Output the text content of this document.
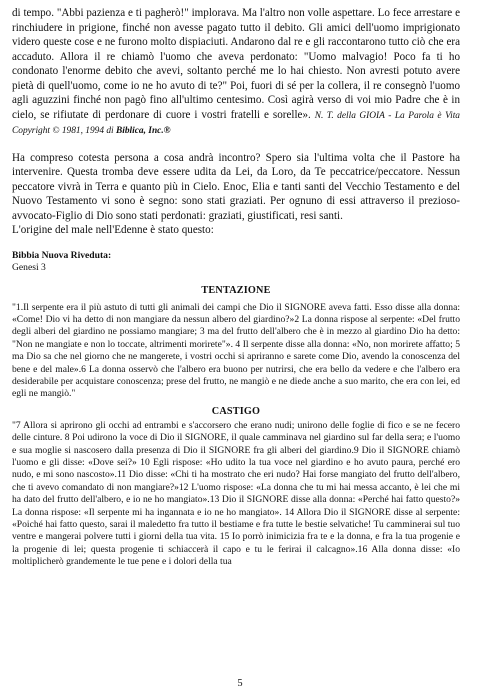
di tempo. "Abbi pazienza e ti pagherò!" implorava. Ma l'altro non volle aspettare. Lo fece arrestare e rinchiudere in prigione, finché non avesse pagato tutto il debito. Gli amici dell'uomo imprigionato videro queste cose e ne furono molto dispiaciuti. Andarono dal re e gli raccontarono tutto ciò che era accaduto. Allora il re chiamò l'uomo che aveva perdonato: "Uomo malvagio! Poco fa ti ho condonato l'enorme debito che avevi, soltanto perché me lo hai chiesto. Non avresti potuto avere pietà di quell'uomo, come io ne ho avuto di te?" Poi, fuori di sé per la collera, il re consegnò l'uomo agli aguzzini finché non pagò fino all'ultimo centesimo. Così agirà verso di voi mio Padre che è in cielo, se rifiutate di perdonare di cuore i vostri fratelli e sorelle». N. T. della GIOIA - La Parola è Vita Copyright © 1981, 1994 di Biblica, Inc.®

Ha compreso cotesta persona a cosa andrà incontro? Spero sia l'ultima volta che il Pastore ha intervenire. Questa tromba deve essere udita da Lei, da Loro, da Te peccatrice/peccatore. Nessun peccatore vivrà in Terra e quanto più in Cielo. Enoc, Elia e tanti santi del Vecchio Testamento e del Nuovo Testamento vi sono è segno: sono stati graziati. Per ognuno di essi attraverso il prezioso-avvocato-Figlio di Dio sono stati perdonati: graziati, giustificati, resi santi.

L'origine del male nell'Edenne è stato questo:

Bibbia Nuova Riveduta:
Genesi 3
TENTAZIONE

"1.Il serpente era il più astuto di tutti gli animali dei campi che Dio il SIGNORE aveva fatti. Esso disse alla donna: «Come! Dio vi ha detto di non mangiare da nessun albero del giardino?»2 La donna rispose al serpente: «Del frutto degli alberi del giardino ne possiamo mangiare; 3 ma del frutto dell'albero che è in mezzo al giardino Dio ha detto: "Non ne mangiate e non lo toccate, altrimenti morirete"». 4 Il serpente disse alla donna: «No, non morirete affatto; 5 ma Dio sa che nel giorno che ne mangerete, i vostri occhi si apriranno e sarete come Dio, avendo la conoscenza del bene e del male».6 La donna osservò che l'albero era buono per nutrirsi, che era bello da vedere e che l'albero era desiderabile per acquistare conoscenza; prese del frutto, ne mangiò e ne diede anche a suo marito, che era con lei, ed egli ne mangiò."

CASTIGO

"7 Allora si aprirono gli occhi ad entrambi e s'accorsero che erano nudi; unirono delle foglie di fico e se ne fecero delle cinture. 8 Poi udirono la voce di Dio il SIGNORE, il quale camminava nel giardino sul far della sera; e l'uomo e sua moglie si nascosero dalla presenza di Dio il SIGNORE fra gli alberi del giardino.9 Dio il SIGNORE chiamò l'uomo e gli disse: «Dove sei?» 10 Egli rispose: «Ho udito la tua voce nel giardino e ho avuto paura, perché ero nudo, e mi sono nascosto».11 Dio disse: «Chi ti ha mostrato che eri nudo? Hai forse mangiato del frutto dell'albero, che ti avevo comandato di non mangiare?»12 L'uomo rispose: «La donna che tu mi hai messa accanto, è lei che mi ha dato del frutto dell'albero, e io ne ho mangiato».13 Dio il SIGNORE disse alla donna: «Perché hai fatto questo?» La donna rispose: «Il serpente mi ha ingannata e io ne ho mangiato». 14 Allora Dio il SIGNORE disse al serpente: «Poiché hai fatto questo, sarai il maledetto fra tutto il bestiame e fra tutte le bestie selvatiche! Tu camminerai sul tuo ventre e mangerai polvere tutti i giorni della tua vita. 15 Io porrò inimicizia fra te e la donna, e fra la tua progenie e la progenie di lei; questa progenie ti schiaccerà il capo e tu le ferirai il calcagno».16 Alla donna disse: «Io moltiplicherò grandemente le tue pene e i dolori della tua

5
